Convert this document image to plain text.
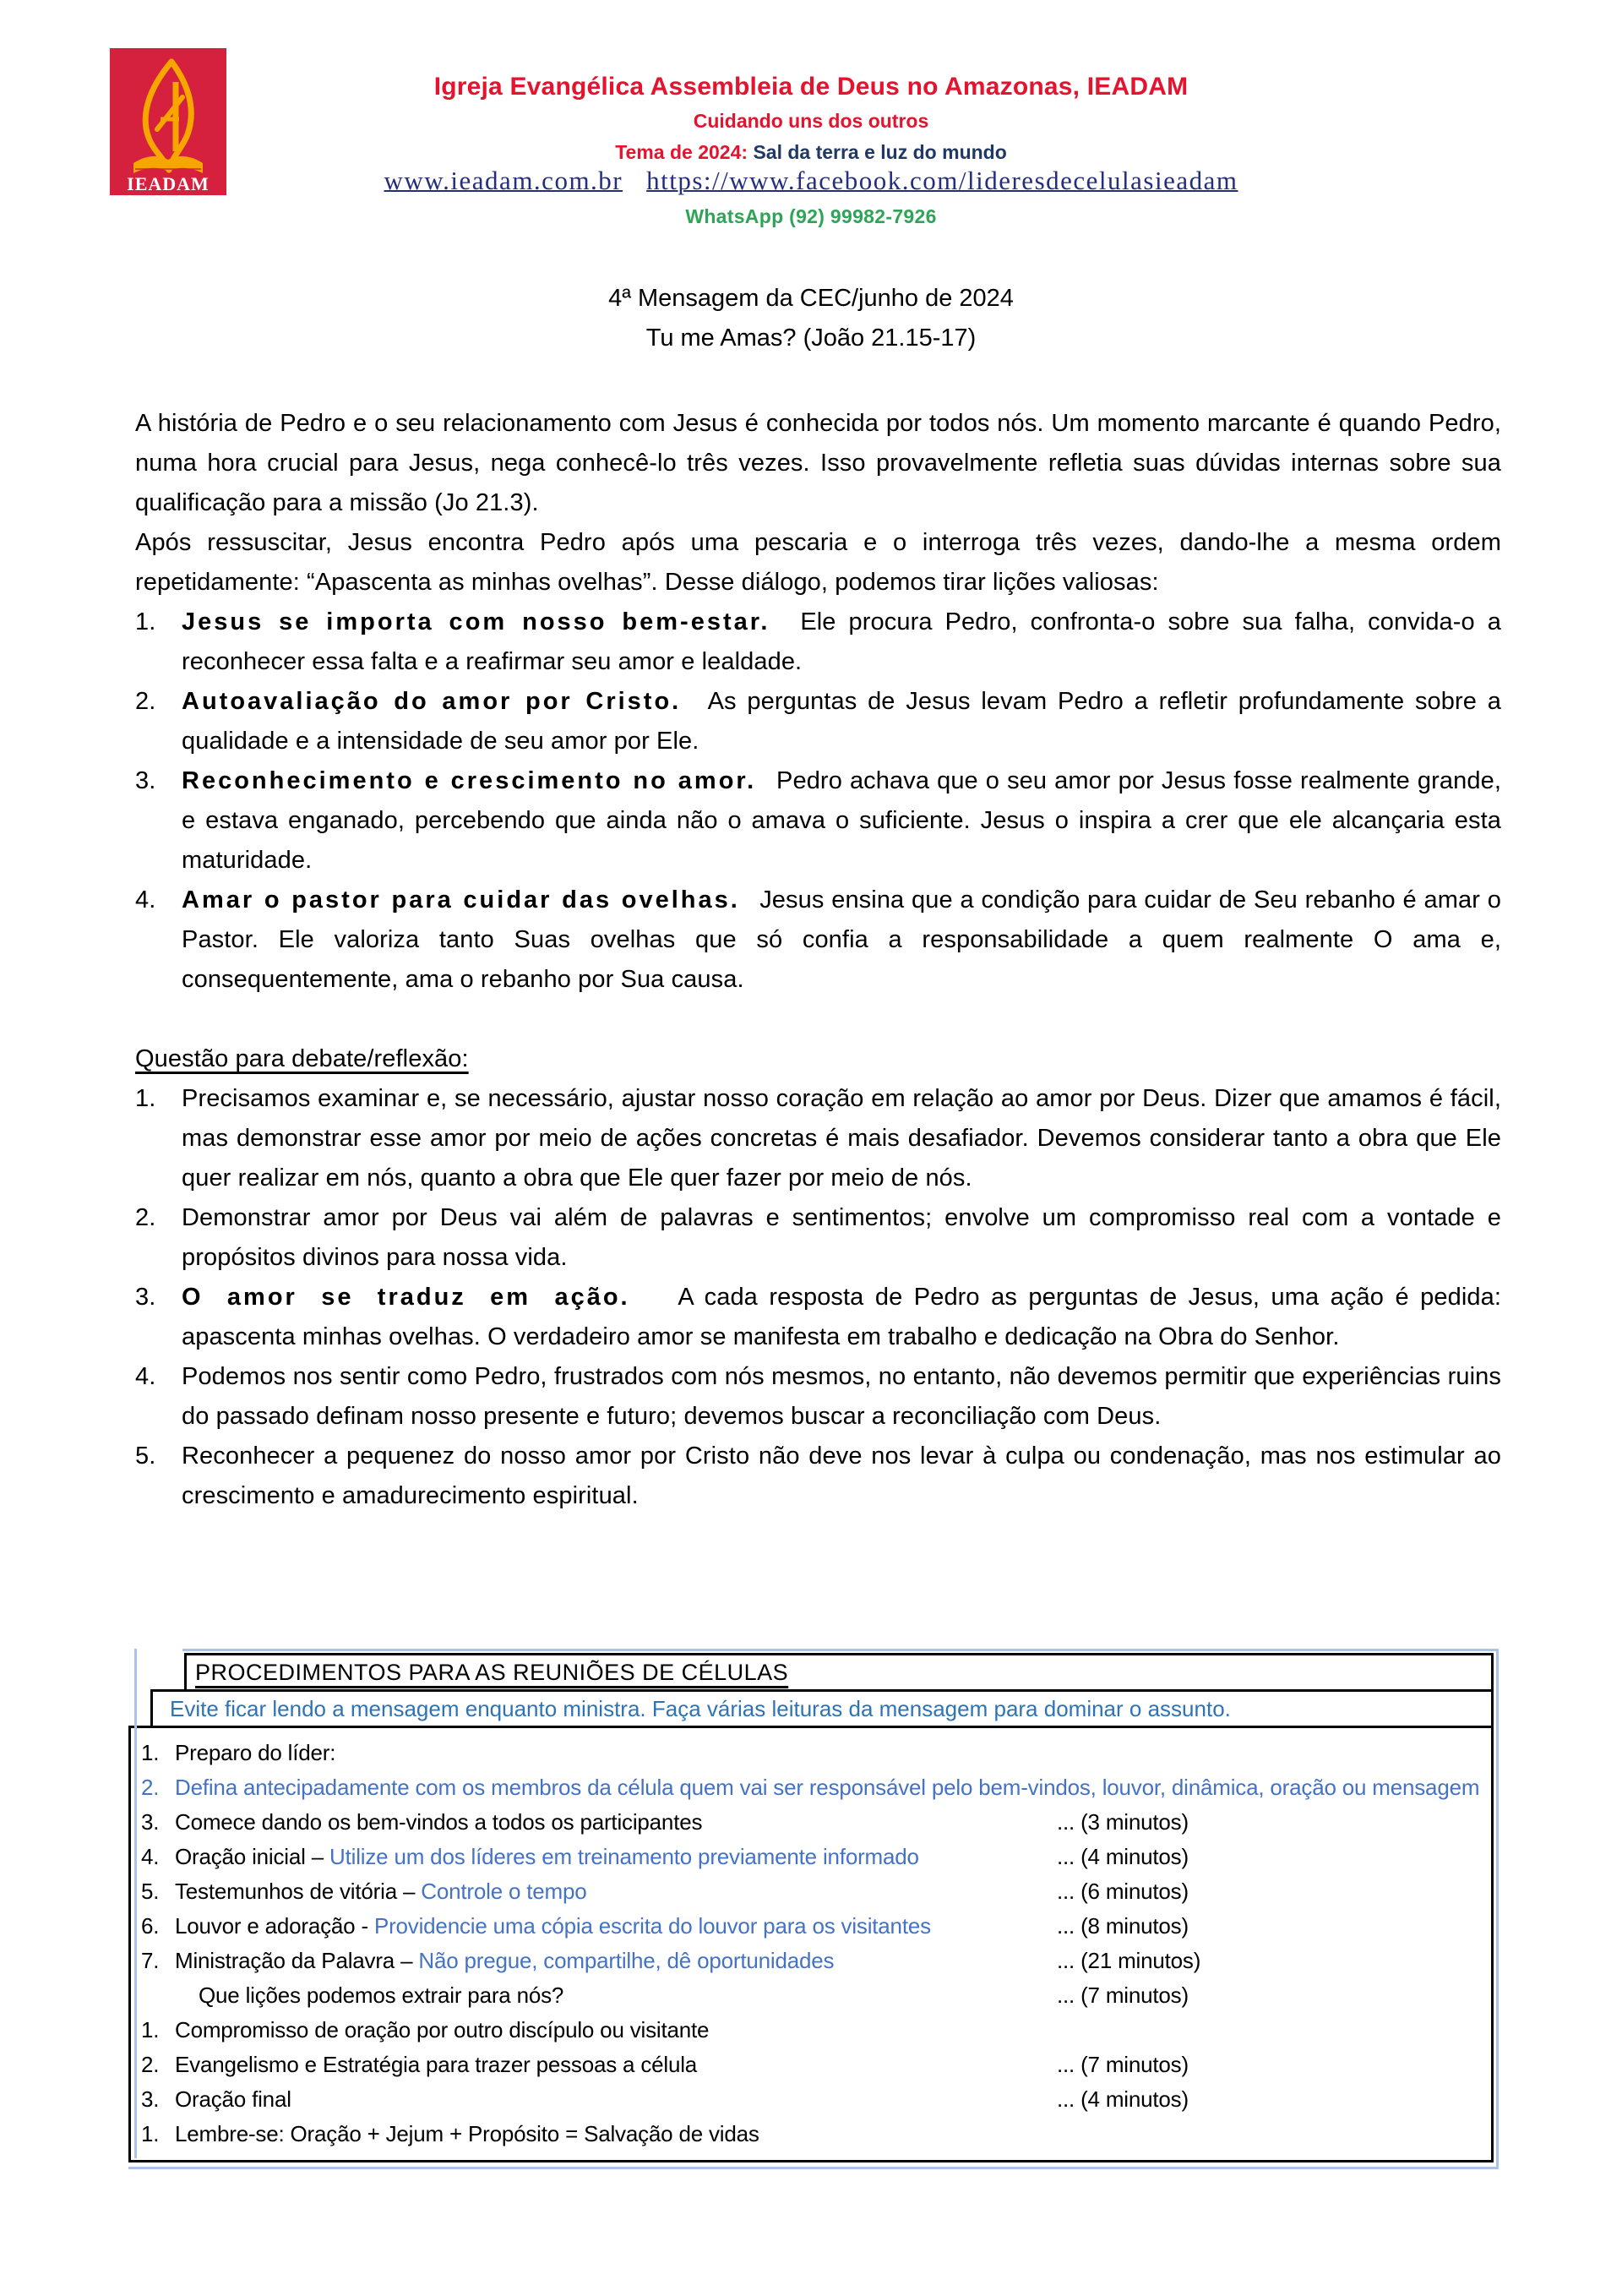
IEADAM
Igreja Evangélica Assembleia de Deus no Amazonas, IEADAM
Cuidando uns dos outros
Tema de 2024: Sal da terra e luz do mundo
www.ieadam.com.br https://www.facebook.com/lideresdecelulasieadam
WhatsApp (92) 99982-7926
4ª Mensagem da CEC/junho de 2024
Tu me Amas? (João 21.15-17)

A história de Pedro e o seu relacionamento com Jesus é conhecida por todos nós. Um momento marcante é quando Pedro, numa hora crucial para Jesus, nega conhecê-lo três vezes. Isso provavelmente refletia suas dúvidas internas sobre sua qualificação para a missão (Jo 21.3).

Após ressuscitar, Jesus encontra Pedro após uma pescaria e o interroga três vezes, dando-lhe a mesma ordem repetidamente: “Apascenta as minhas ovelhas”. Desse diálogo, podemos tirar lições valiosas:

1. Jesus se importa com nosso bem-estar.  Ele procura Pedro, confronta-o sobre sua falha, convida-o a reconhecer essa falta e a reafirmar seu amor e lealdade.
2. Autoavaliação do amor por Cristo.  As perguntas de Jesus levam Pedro a refletir profundamente sobre a qualidade e a intensidade de seu amor por Ele.
3. Reconhecimento e crescimento no amor.  Pedro achava que o seu amor por Jesus fosse realmente grande, e estava enganado, percebendo que ainda não o amava o suficiente. Jesus o inspira a crer que ele alcançaria esta maturidade.
4. Amar o pastor para cuidar das ovelhas.  Jesus ensina que a condição para cuidar de Seu rebanho é amar o Pastor. Ele valoriza tanto Suas ovelhas que só confia a responsabilidade a quem realmente O ama e, consequentemente, ama o rebanho por Sua causa.
Questão para debate/reflexão:
1. Precisamos examinar e, se necessário, ajustar nosso coração em relação ao amor por Deus. Dizer que amamos é fácil, mas demonstrar esse amor por meio de ações concretas é mais desafiador. Devemos considerar tanto a obra que Ele quer realizar em nós, quanto a obra que Ele quer fazer por meio de nós.
2. Demonstrar amor por Deus vai além de palavras e sentimentos; envolve um compromisso real com a vontade e propósitos divinos para nossa vida.
3. O amor se traduz em ação.  A cada resposta de Pedro as perguntas de Jesus, uma ação é pedida: apascenta minhas ovelhas. O verdadeiro amor se manifesta em trabalho e dedicação na Obra do Senhor.
4. Podemos nos sentir como Pedro, frustrados com nós mesmos, no entanto, não devemos permitir que experiências ruins do passado definam nosso presente e futuro; devemos buscar a reconciliação com Deus.
5. Reconhecer a pequenez do nosso amor por Cristo não deve nos levar à culpa ou condenação, mas nos estimular ao crescimento e amadurecimento espiritual.
PROCEDIMENTOS PARA AS REUNIÕES DE CÉLULAS
Evite ficar lendo a mensagem enquanto ministra. Faça várias leituras da mensagem para dominar o assunto.
1. Preparo do líder:
2. Defina antecipadamente com os membros da célula quem vai ser responsável pelo bem-vindos, louvor, dinâmica, oração ou mensagem
3. Comece dando os bem-vindos a todos os participantes	... (3 minutos)
4. Oração inicial – Utilize um dos líderes em treinamento previamente informado	... (4 minutos)
5. Testemunhos de vitória – Controle o tempo	... (6 minutos)
6. Louvor e adoração - Providencie uma cópia escrita do louvor para os visitantes	... (8 minutos)
7. Ministração da Palavra – Não pregue, compartilhe, dê oportunidades	... (21 minutos)
Que lições podemos extrair para nós?	... (7 minutos)
1. Compromisso de oração por outro discípulo ou visitante
2. Evangelismo e Estratégia para trazer pessoas a célula	... (7 minutos)
3. Oração final	... (4 minutos)
1. Lembre-se: Oração + Jejum + Propósito = Salvação de vidas
